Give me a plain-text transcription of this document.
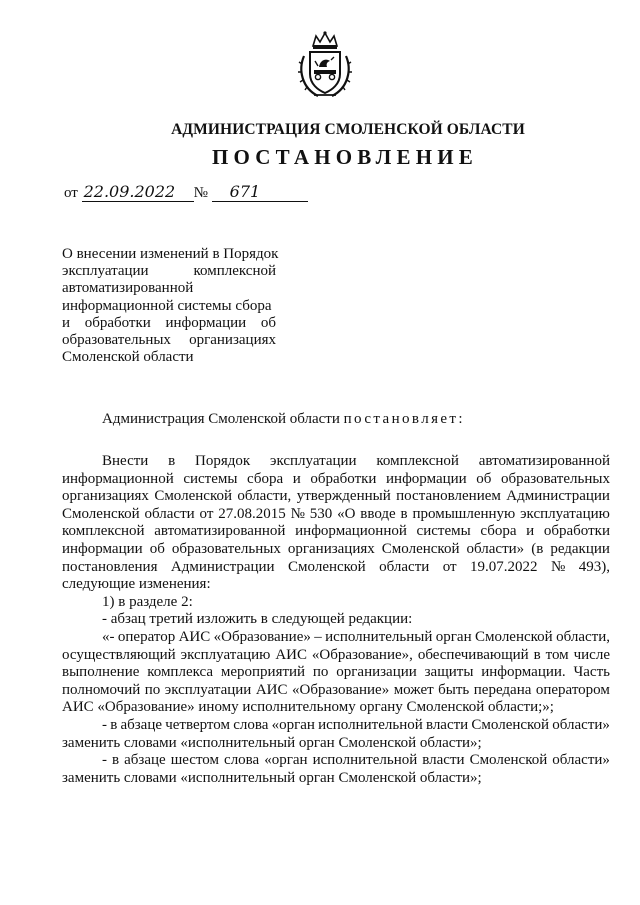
АДМИНИСТРАЦИЯ СМОЛЕНСКОЙ ОБЛАСТИ
ПОСТАНОВЛЕНИЕ
от 22.09.2022 № 671
О внесении изменений в Порядок
эксплуатации	комплексной
автоматизированной
информационной системы сбора
и обработки информации об
образовательных организациях
Смоленской области
Администрация Смоленской области постановляет:
Внести в Порядок эксплуатации комплексной автоматизированной
информационной системы сбора и обработки информации об образовательных
организациях Смоленской области, утвержденный постановлением Администрации
Смоленской области от 27.08.2015 № 530 «О вводе в промышленную эксплуатацию
комплексной автоматизированной информационной системы сбора и обработки
информации об образовательных организациях Смоленской области» (в редакции
постановления Администрации Смоленской области от 19.07.2022 № 493),
следующие изменения:
1) в разделе 2:
- абзац третий изложить в следующей редакции:
«- оператор АИС «Образование» – исполнительный орган Смоленской области,
осуществляющий эксплуатацию АИС «Образование», обеспечивающий в том числе
выполнение комплекса мероприятий по организации защиты информации. Часть
полномочий по эксплуатации АИС «Образование» может быть передана оператором
АИС «Образование» иному исполнительному органу Смоленской области;»;
- в абзаце четвертом слова «орган исполнительной власти Смоленской области»
заменить словами «исполнительный орган Смоленской области»;
- в абзаце шестом слова «орган исполнительной власти Смоленской области»
заменить словами «исполнительный орган Смоленской области»;
